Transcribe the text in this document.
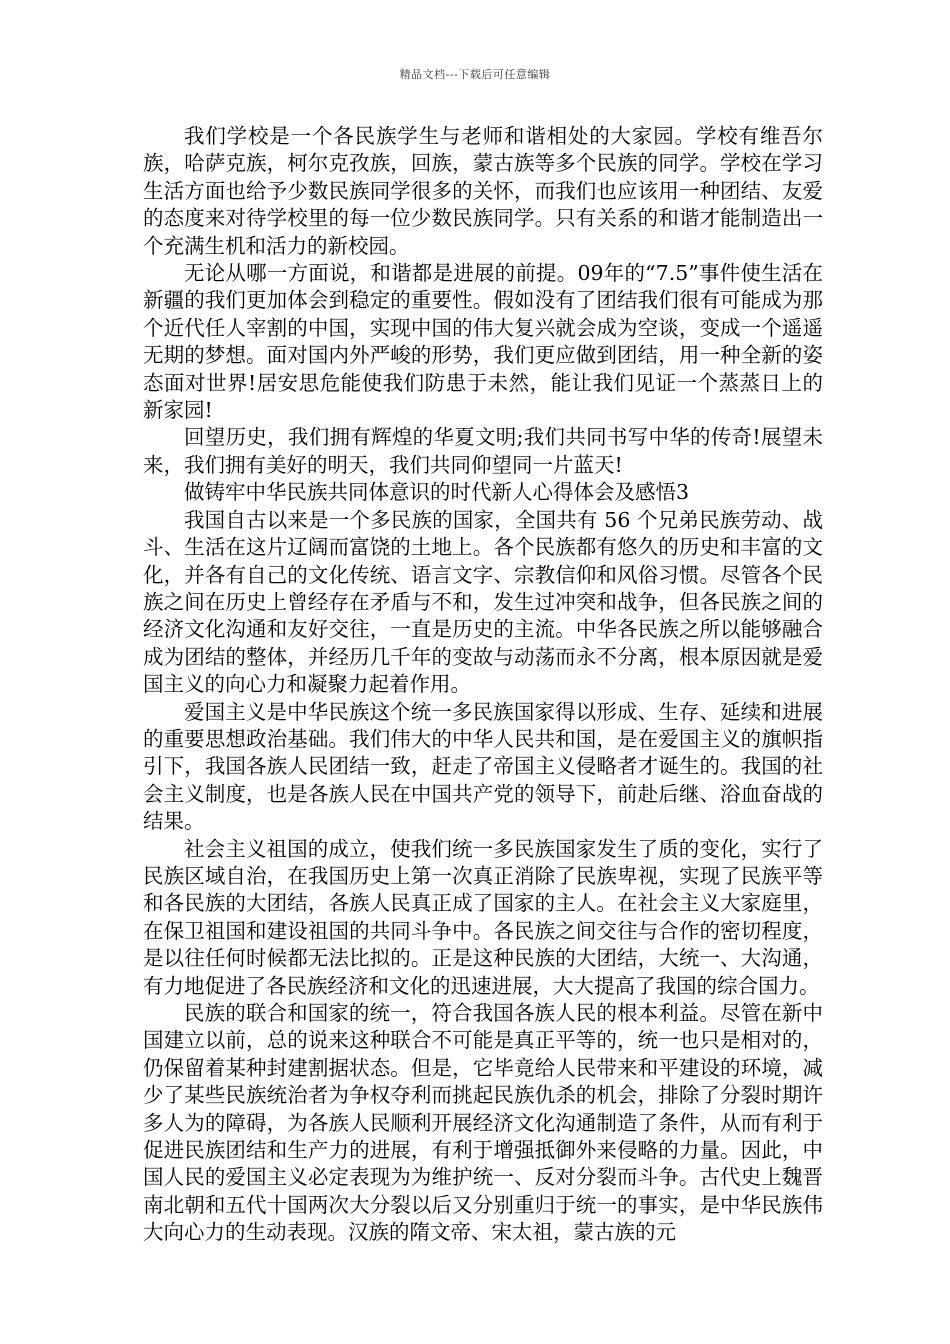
精品文档---下载后可任意编辑

我们学校是一个各民族学生与老师和谐相处的大家园。学校有维吾尔族，哈萨克族，柯尔克孜族，回族，蒙古族等多个民族的同学。学校在学习生活方面也给予少数民族同学很多的关怀，而我们也应该用一种团结、友爱的态度来对待学校里的每一位少数民族同学。只有关系的和谐才能制造出一个充满生机和活力的新校园。

无论从哪一方面说，和谐都是进展的前提。09年的“7.5”事件使生活在新疆的我们更加体会到稳定的重要性。假如没有了团结我们很有可能成为那个近代任人宰割的中国，实现中国的伟大复兴就会成为空谈，变成一个遥遥无期的梦想。面对国内外严峻的形势，我们更应做到团结，用一种全新的姿态面对世界!居安思危能使我们防患于未然，能让我们见证一个蒸蒸日上的新家园!

回望历史，我们拥有辉煌的华夏文明;我们共同书写中华的传奇!展望未来，我们拥有美好的明天，我们共同仰望同一片蓝天!

做铸牢中华民族共同体意识的时代新人心得体会及感悟3

我国自古以来是一个多民族的国家，全国共有 56 个兄弟民族劳动、战斗、生活在这片辽阔而富饶的土地上。各个民族都有悠久的历史和丰富的文化，并各有自己的文化传统、语言文字、宗教信仰和风俗习惯。尽管各个民族之间在历史上曾经存在矛盾与不和，发生过冲突和战争，但各民族之间的经济文化沟通和友好交往，一直是历史的主流。中华各民族之所以能够融合成为团结的整体，并经历几千年的变故与动荡而永不分离，根本原因就是爱国主义的向心力和凝聚力起着作用。

爱国主义是中华民族这个统一多民族国家得以形成、生存、延续和进展的重要思想政治基础。我们伟大的中华人民共和国，是在爱国主义的旗帜指引下，我国各族人民团结一致，赶走了帝国主义侵略者才诞生的。我国的社会主义制度，也是各族人民在中国共产党的领导下，前赴后继、浴血奋战的结果。

社会主义祖国的成立，使我们统一多民族国家发生了质的变化，实行了民族区域自治，在我国历史上第一次真正消除了民族卑视，实现了民族平等和各民族的大团结，各族人民真正成了国家的主人。在社会主义大家庭里，在保卫祖国和建设祖国的共同斗争中。各民族之间交往与合作的密切程度，是以往任何时候都无法比拟的。正是这种民族的大团结，大统一、大沟通，有力地促进了各民族经济和文化的迅速进展，大大提高了我国的综合国力。

民族的联合和国家的统一，符合我国各族人民的根本利益。尽管在新中国建立以前，总的说来这种联合不可能是真正平等的，统一也只是相对的，仍保留着某种封建割据状态。但是，它毕竟给人民带来和平建设的环境，减少了某些民族统治者为争权夺利而挑起民族仇杀的机会，排除了分裂时期许多人为的障碍，为各族人民顺利开展经济文化沟通制造了条件，从而有利于促进民族团结和生产力的进展，有利于增强抵御外来侵略的力量。因此，中国人民的爱国主义必定表现为为维护统一、反对分裂而斗争。古代史上魏晋南北朝和五代十国两次大分裂以后又分别重归于统一的事实，是中华民族伟大向心力的生动表现。汉族的隋文帝、宋太祖，蒙古族的元
